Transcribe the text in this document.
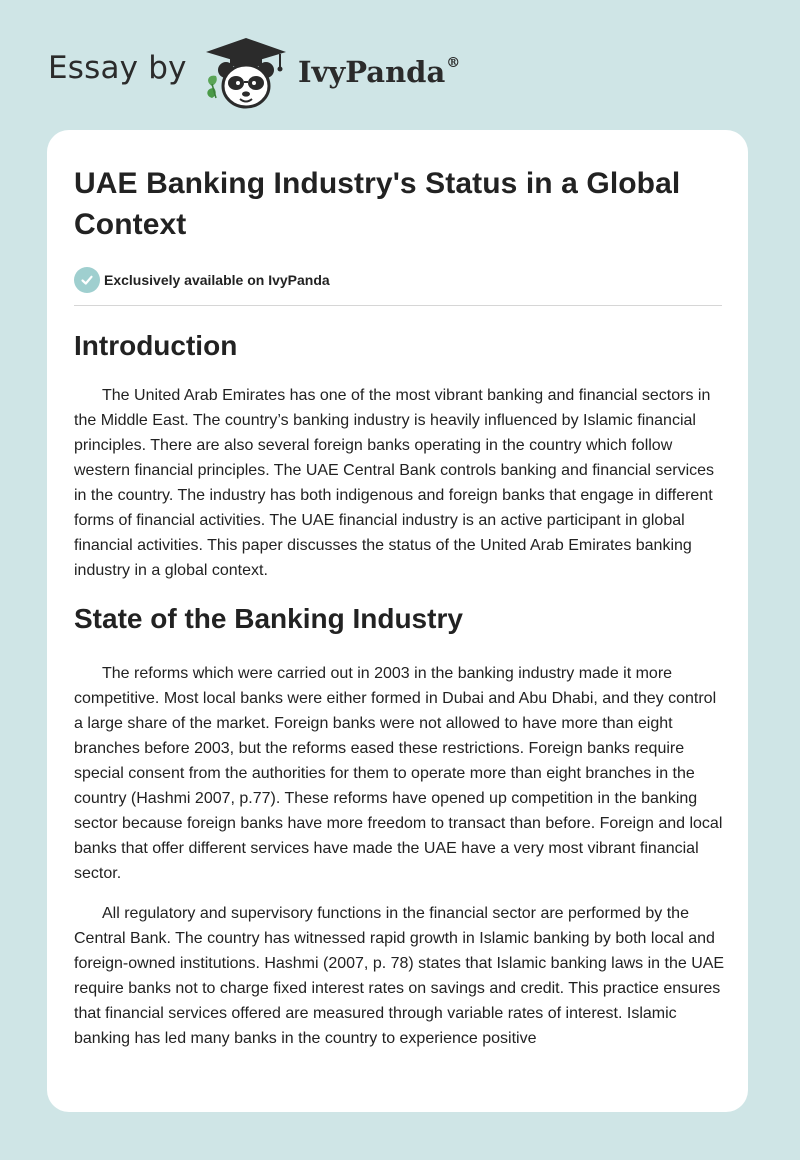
Essay by	IvyPanda®
UAE Banking Industry's Status in a Global Context
Exclusively available on IvyPanda
Introduction

The United Arab Emirates has one of the most vibrant banking and financial sectors in the Middle East. The country’s banking industry is heavily influenced by Islamic financial principles. There are also several foreign banks operating in the country which follow western financial principles. The UAE Central Bank controls banking and financial services in the country. The industry has both indigenous and foreign banks that engage in different forms of financial activities. The UAE financial industry is an active participant in global financial activities. This paper discusses the status of the United Arab Emirates banking industry in a global context.

State of the Banking Industry

The reforms which were carried out in 2003 in the banking industry made it more competitive. Most local banks were either formed in Dubai and Abu Dhabi, and they control a large share of the market. Foreign banks were not allowed to have more than eight branches before 2003, but the reforms eased these restrictions. Foreign banks require special consent from the authorities for them to operate more than eight branches in the country (Hashmi 2007, p.77). These reforms have opened up competition in the banking sector because foreign banks have more freedom to transact than before. Foreign and local banks that offer different services have made the UAE have a very most vibrant financial sector.

All regulatory and supervisory functions in the financial sector are performed by the Central Bank. The country has witnessed rapid growth in Islamic banking by both local and foreign-owned institutions. Hashmi (2007, p. 78) states that Islamic banking laws in the UAE require banks not to charge fixed interest rates on savings and credit. This practice ensures that financial services offered are measured through variable rates of interest. Islamic banking has led many banks in the country to experience positive
